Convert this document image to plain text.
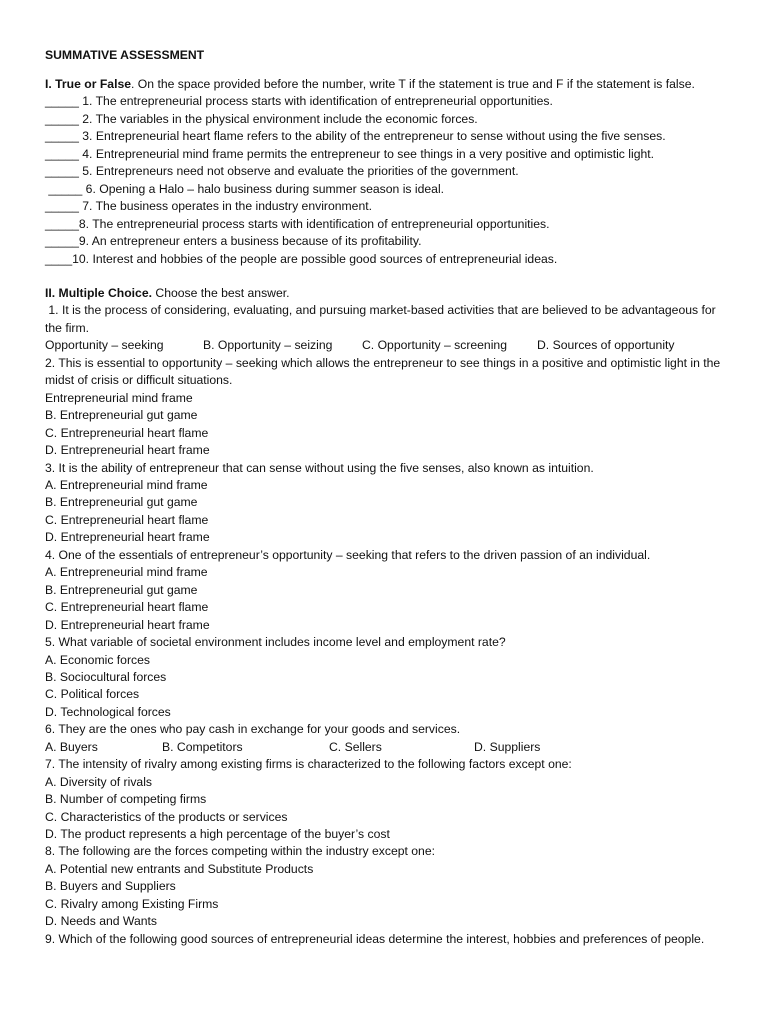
SUMMATIVE ASSESSMENT
I. True or False. On the space provided before the number, write T if the statement is true and F if the statement is false.
_____ 1. The entrepreneurial process starts with identification of entrepreneurial opportunities.
_____ 2. The variables in the physical environment include the economic forces.
_____ 3. Entrepreneurial heart flame refers to the ability of the entrepreneur to sense without using the five senses.
_____ 4. Entrepreneurial mind frame permits the entrepreneur to see things in a very positive and optimistic light.
_____ 5. Entrepreneurs need not observe and evaluate the priorities of the government.
_____ 6. Opening a Halo – halo business during summer season is ideal.
_____ 7. The business operates in the industry environment.
_____8. The entrepreneurial process starts with identification of entrepreneurial opportunities.
_____9. An entrepreneur enters a business because of its profitability.
____10. Interest and hobbies of the people are possible good sources of entrepreneurial ideas.
II. Multiple Choice. Choose the best answer.
1. It is the process of considering, evaluating, and pursuing market-based activities that are believed to be advantageous for the firm.
Opportunity – seeking	B. Opportunity – seizing	C. Opportunity – screening	D. Sources of opportunity
2. This is essential to opportunity – seeking which allows the entrepreneur to see things in a positive and optimistic light in the midst of crisis or difficult situations.
Entrepreneurial mind frame
B. Entrepreneurial gut game
C. Entrepreneurial heart flame
D. Entrepreneurial heart frame
3. It is the ability of entrepreneur that can sense without using the five senses, also known as intuition.
A. Entrepreneurial mind frame
B. Entrepreneurial gut game
C. Entrepreneurial heart flame
D. Entrepreneurial heart frame
4. One of the essentials of entrepreneur’s opportunity – seeking that refers to the driven passion of an individual.
A. Entrepreneurial mind frame
B. Entrepreneurial gut game
C. Entrepreneurial heart flame
D. Entrepreneurial heart frame
5. What variable of societal environment includes income level and employment rate?
A. Economic forces
B. Sociocultural forces
C. Political forces
D. Technological forces
6. They are the ones who pay cash in exchange for your goods and services.
A. Buyers	B. Competitors	C. Sellers	D. Suppliers
7. The intensity of rivalry among existing firms is characterized to the following factors except one:
A. Diversity of rivals
B. Number of competing firms
C. Characteristics of the products or services
D. The product represents a high percentage of the buyer’s cost
8. The following are the forces competing within the industry except one:
A. Potential new entrants and Substitute Products
B. Buyers and Suppliers
C. Rivalry among Existing Firms
D. Needs and Wants
9. Which of the following good sources of entrepreneurial ideas determine the interest, hobbies and preferences of people.
